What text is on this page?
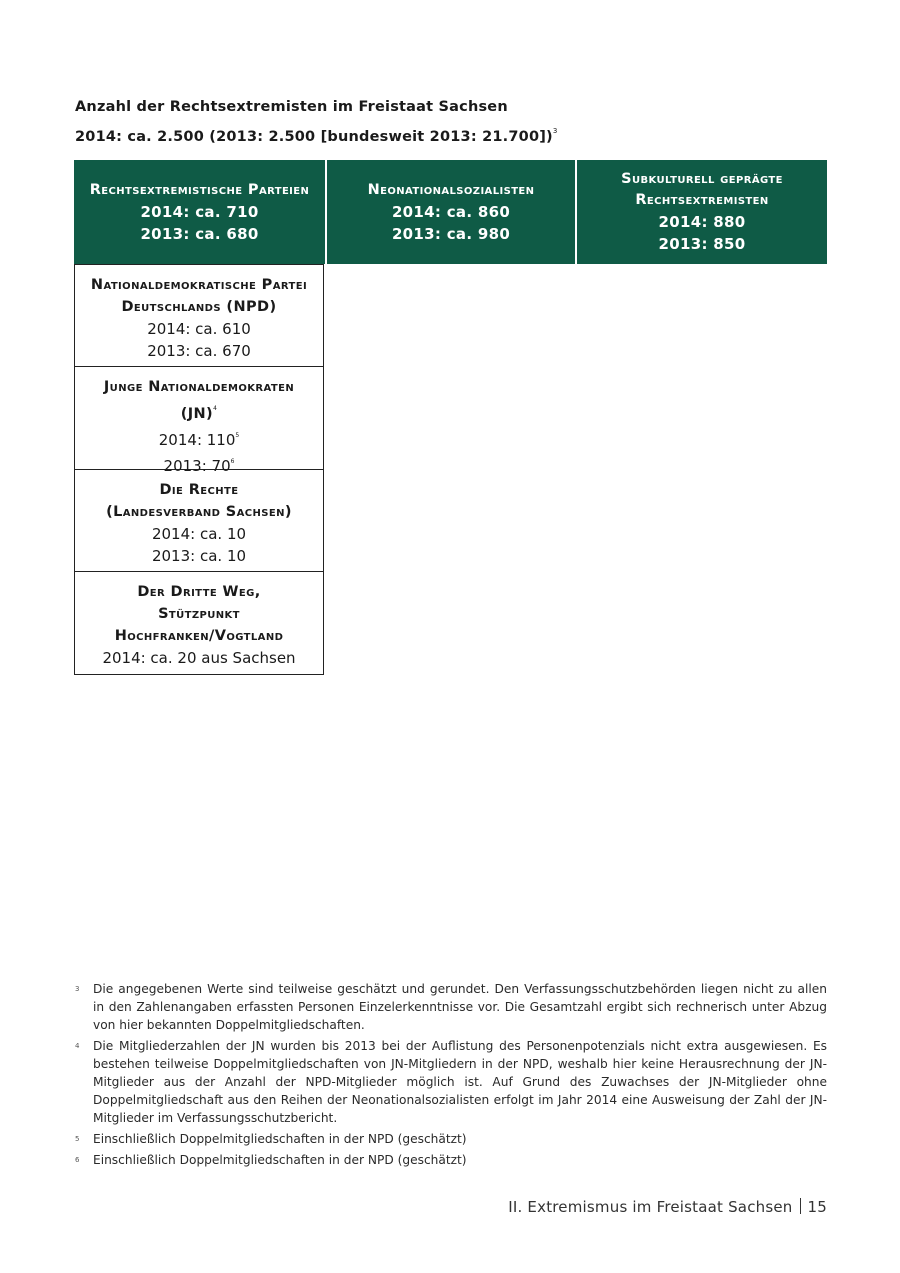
Anzahl der Rechtsextremisten im Freistaat Sachsen
2014: ca. 2.500 (2013: 2.500 [bundesweit 2013: 21.700])$^3$
Rechtsextremistische Parteien
2014: ca. 710
2013: ca. 680
Neonationalsozialisten
2014: ca. 860
2013: ca. 980
Subkulturell geprägte
Rechtsextremisten
2014: 880
2013: 850
Nationaldemokratische Partei
Deutschlands (NPD)
2014: ca. 610
2013: ca. 670
Junge Nationaldemokraten
(JN)$^4$
2014: 110$^5$
2013: 70$^6$
Die Rechte
(Landesverband Sachsen)
2014: ca. 10
2013: ca. 10
Der Dritte Weg,
Stützpunkt
Hochfranken/Vogtland
2014: ca. 20 aus Sachsen
3 Die angegebenen Werte sind teilweise geschätzt und gerundet. Den Verfassungsschutzbehörden liegen nicht zu allen in den Zahlenangaben erfassten Personen Einzelerkenntnisse vor. Die Gesamtzahl ergibt sich rechnerisch unter Abzug von hier bekannten Doppelmitgliedschaften.
4 Die Mitgliederzahlen der JN wurden bis 2013 bei der Auflistung des Personenpotenzials nicht extra ausgewiesen. Es bestehen teilweise Doppelmitgliedschaften von JN-Mitgliedern in der NPD, weshalb hier keine Herausrechnung der JN-Mitglieder aus der Anzahl der NPD-Mitglieder möglich ist. Auf Grund des Zuwachses der JN-Mitglieder ohne Doppelmitgliedschaft aus den Reihen der Neonationalsozialisten erfolgt im Jahr 2014 eine Ausweisung der Zahl der JN-Mitglieder im Verfassungsschutzbericht.
5 Einschließlich Doppelmitgliedschaften in der NPD (geschätzt)
6 Einschließlich Doppelmitgliedschaften in der NPD (geschätzt)
II. Extremismus im Freistaat Sachsen 15
